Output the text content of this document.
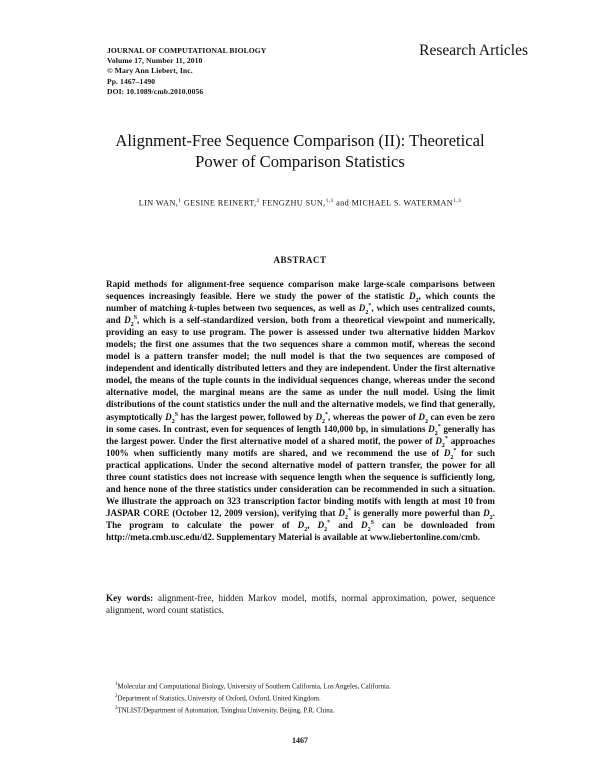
JOURNAL OF COMPUTATIONAL BIOLOGY
Volume 17, Number 11, 2010
© Mary Ann Liebert, Inc.
Pp. 1467–1490
DOI: 10.1089/cmb.2010.0056
Research Articles
Alignment-Free Sequence Comparison (II): Theoretical
Power of Comparison Statistics
LIN WAN,$^1$ GESINE REINERT,$^2$ FENGZHU SUN,$^{1,3}$ and MICHAEL S. WATERMAN$^{1,3}$
ABSTRACT
Rapid methods for alignment-free sequence comparison make large-scale comparisons between sequences increasingly feasible. Here we study the power of the statistic $D_2$, which counts the number of matching k-tuples between two sequences, as well as $D_2^*$, which uses centralized counts, and $D_2^S$, which is a self-standardized version, both from a theoretical viewpoint and numerically, providing an easy to use program. The power is assessed under two alternative hidden Markov models; the first one assumes that the two sequences share a common motif, whereas the second model is a pattern transfer model; the null model is that the two sequences are composed of independent and identically distributed letters and they are independent. Under the first alternative model, the means of the tuple counts in the individual sequences change, whereas under the second alternative model, the marginal means are the same as under the null model. Using the limit distributions of the count statistics under the null and the alternative models, we find that generally, asymptotically $D_2^S$ has the largest power, followed by $D_2^*$, whereas the power of $D_2$ can even be zero in some cases. In contrast, even for sequences of length 140,000 bp, in simulations $D_2^*$ generally has the largest power. Under the first alternative model of a shared motif, the power of $D_2^*$ approaches 100% when sufficiently many motifs are shared, and we recommend the use of $D_2^*$ for such practical applications. Under the second alternative model of pattern transfer, the power for all three count statistics does not increase with sequence length when the sequence is sufficiently long, and hence none of the three statistics under consideration can be recommended in such a situation. We illustrate the approach on 323 transcription factor binding motifs with length at most 10 from JASPAR CORE (October 12, 2009 version), verifying that $D_2^*$ is generally more powerful than $D_2$. The program to calculate the power of $D_2$, $D_2^*$ and $D_2^S$ can be downloaded from http://meta.cmb.usc.edu/d2. Supplementary Material is available at www.liebertonline.com/cmb.
Key words: alignment-free, hidden Markov model, motifs, normal approximation, power, sequence alignment, word count statistics.
$^1$Molecular and Computational Biology, University of Southern California, Los Angeles, California.
$^2$Department of Statistics, University of Oxford, Oxford, United Kingdom.
$^3$TNLIST/Department of Automation, Tsinghua University, Beijing, P.R. China.
1467
